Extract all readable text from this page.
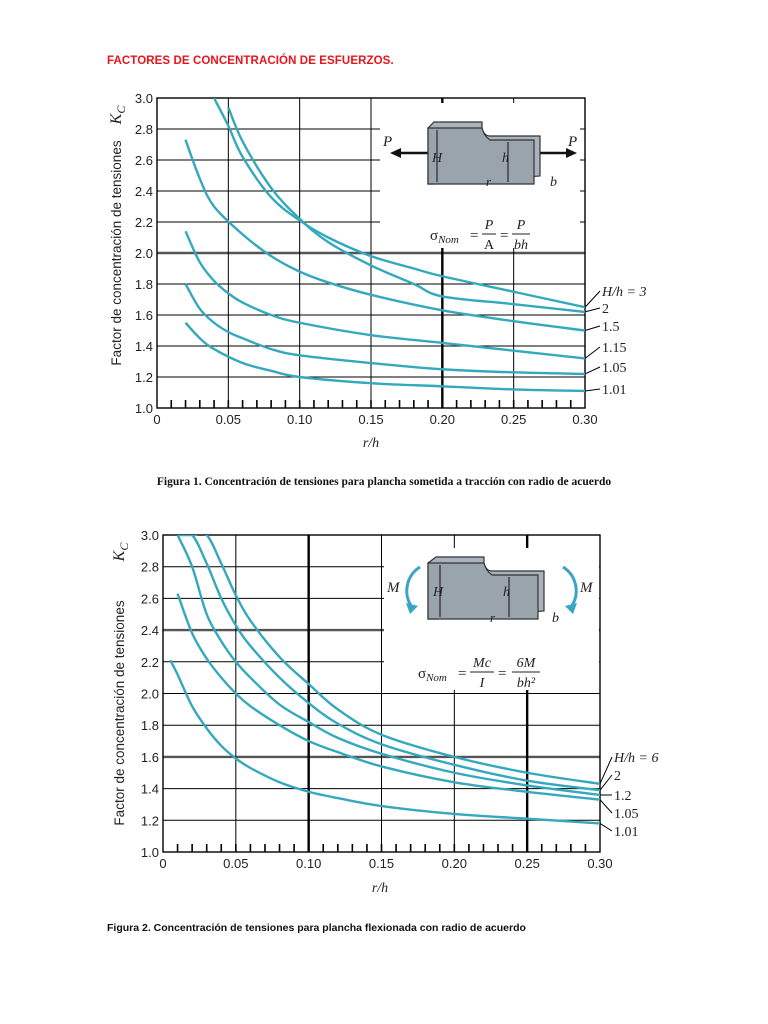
FACTORES DE CONCENTRACIÓN DE ESFUERZOS.
Factor de concentración de tensiones
$K_C$
0	0.05	0.10	0.15	0.20	0.25	0.30
1.0
1.2
1.4
1.6
1.8
2.0
2.2
2.4
2.6
2.8
3.0
r/h
P	P
H	h
r	b
$\sigma_{Nom}$ =
P
A
=
P
bh
H/h = 3
2
1.5
1.15
1.05
1.01
Figura 1. Concentración de tensiones para plancha sometida a tracción con radio de acuerdo
Factor de concentración de tensiones
$K_C$
0	0.05	0.10	0.15	0.20	0.25	0.30
1.0
1.2
1.4
1.6
1.8
2.0
2.2
2.4
2.6
2.8
3.0
r/h
M	M
H	h
r	b
$\sigma_{Nom}$ =
Mc
I
=
6M
bh²
H/h = 6
2
1.2
1.05
1.01
Figura 2. Concentración de tensiones para plancha flexionada con radio de acuerdo
